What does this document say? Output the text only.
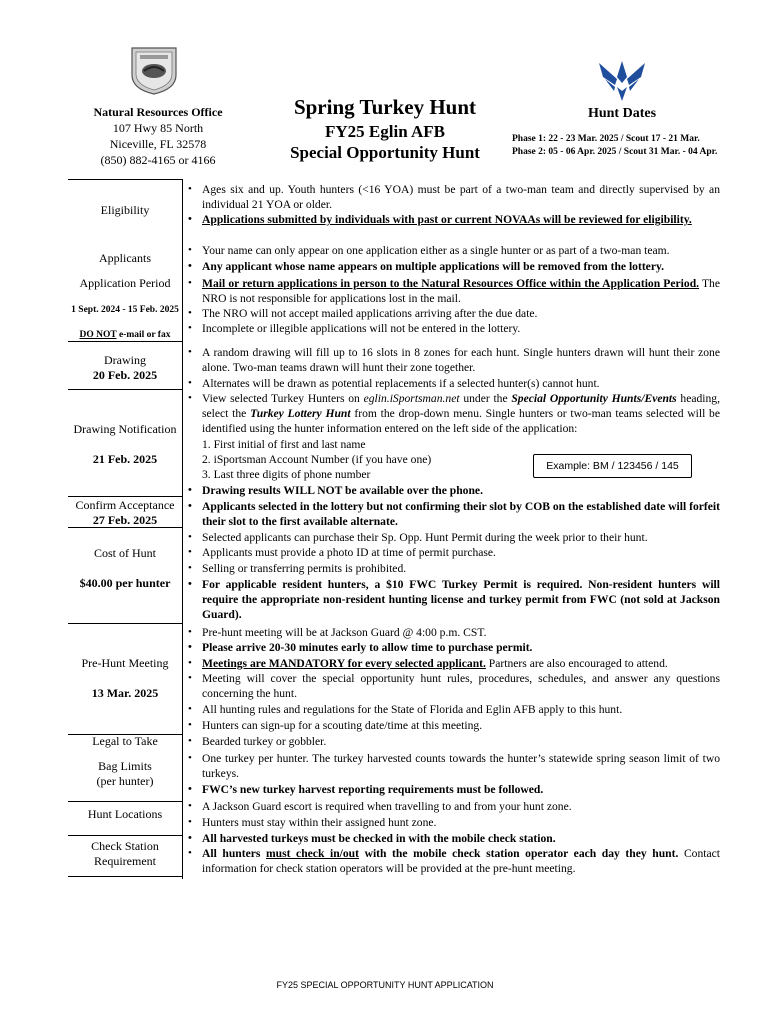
Natural Resources Office
107 Hwy 85 North
Niceville, FL 32578
(850) 882-4165 or 4166
Spring Turkey Hunt
FY25 Eglin AFB
Special Opportunity Hunt
Hunt Dates
Phase 1: 22 - 23 Mar. 2025 / Scout 17 - 21 Mar.
Phase 2: 05 - 06 Apr. 2025 / Scout 31 Mar. - 04 Apr.
Eligibility
Applicants
Application Period
1 Sept. 2024 - 15 Feb. 2025
DO NOT e-mail or fax
Drawing
20 Feb. 2025
Drawing Notification
21 Feb. 2025
Confirm Acceptance
27 Feb. 2025
Cost of Hunt
$40.00 per hunter
Pre-Hunt Meeting
13 Mar. 2025
Legal to Take
Bag Limits
(per hunter)
Hunt Locations
Check Station
Requirement
• Ages six and up. Youth hunters (<16 YOA) must be part of a two-man team and directly supervised by an individual 21 YOA or older.
• Applications submitted by individuals with past or current NOVAAs will be reviewed for eligibility.
• Your name can only appear on one application either as a single hunter or as part of a two-man team.
• Any applicant whose name appears on multiple applications will be removed from the lottery.
• Mail or return applications in person to the Natural Resources Office within the Application Period. The NRO is not responsible for applications lost in the mail.
• The NRO will not accept mailed applications arriving after the due date.
• Incomplete or illegible applications will not be entered in the lottery.
• A random drawing will fill up to 16 slots in 8 zones for each hunt. Single hunters drawn will hunt their zone alone. Two-man teams drawn will hunt their zone together.
• Alternates will be drawn as potential replacements if a selected hunter(s) cannot hunt.
• View selected Turkey Hunters on eglin.iSportsman.net under the Special Opportunity Hunts/Events heading, select the Turkey Lottery Hunt from the drop-down menu. Single hunters or two-man teams selected will be identified using the hunter information entered on the left side of the application:
1. First initial of first and last name
2. iSportsman Account Number (if you have one)
3. Last three digits of phone number
• Drawing results WILL NOT be available over the phone.
• Applicants selected in the lottery but not confirming their slot by COB on the established date will forfeit their slot to the first available alternate.
• Selected applicants can purchase their Sp. Opp. Hunt Permit during the week prior to their hunt.
• Applicants must provide a photo ID at time of permit purchase.
• Selling or transferring permits is prohibited.
• For applicable resident hunters, a $10 FWC Turkey Permit is required. Non-resident hunters will require the appropriate non-resident hunting license and turkey permit from FWC (not sold at Jackson Guard).
• Pre-hunt meeting will be at Jackson Guard @ 4:00 p.m. CST.
• Please arrive 20-30 minutes early to allow time to purchase permit.
• Meetings are MANDATORY for every selected applicant. Partners are also encouraged to attend.
• Meeting will cover the special opportunity hunt rules, procedures, schedules, and answer any questions concerning the hunt.
• All hunting rules and regulations for the State of Florida and Eglin AFB apply to this hunt.
• Hunters can sign-up for a scouting date/time at this meeting.
• Bearded turkey or gobbler.
• One turkey per hunter. The turkey harvested counts towards the hunter’s statewide spring season limit of two turkeys.
• FWC’s new turkey harvest reporting requirements must be followed.
• A Jackson Guard escort is required when travelling to and from your hunt zone.
• Hunters must stay within their assigned hunt zone.
• All harvested turkeys must be checked in with the mobile check station.
• All hunters must check in/out with the mobile check station operator each day they hunt. Contact information for check station operators will be provided at the pre-hunt meeting.
Example: BM / 123456 / 145
FY25 SPECIAL OPPORTUNITY HUNT APPLICATION
